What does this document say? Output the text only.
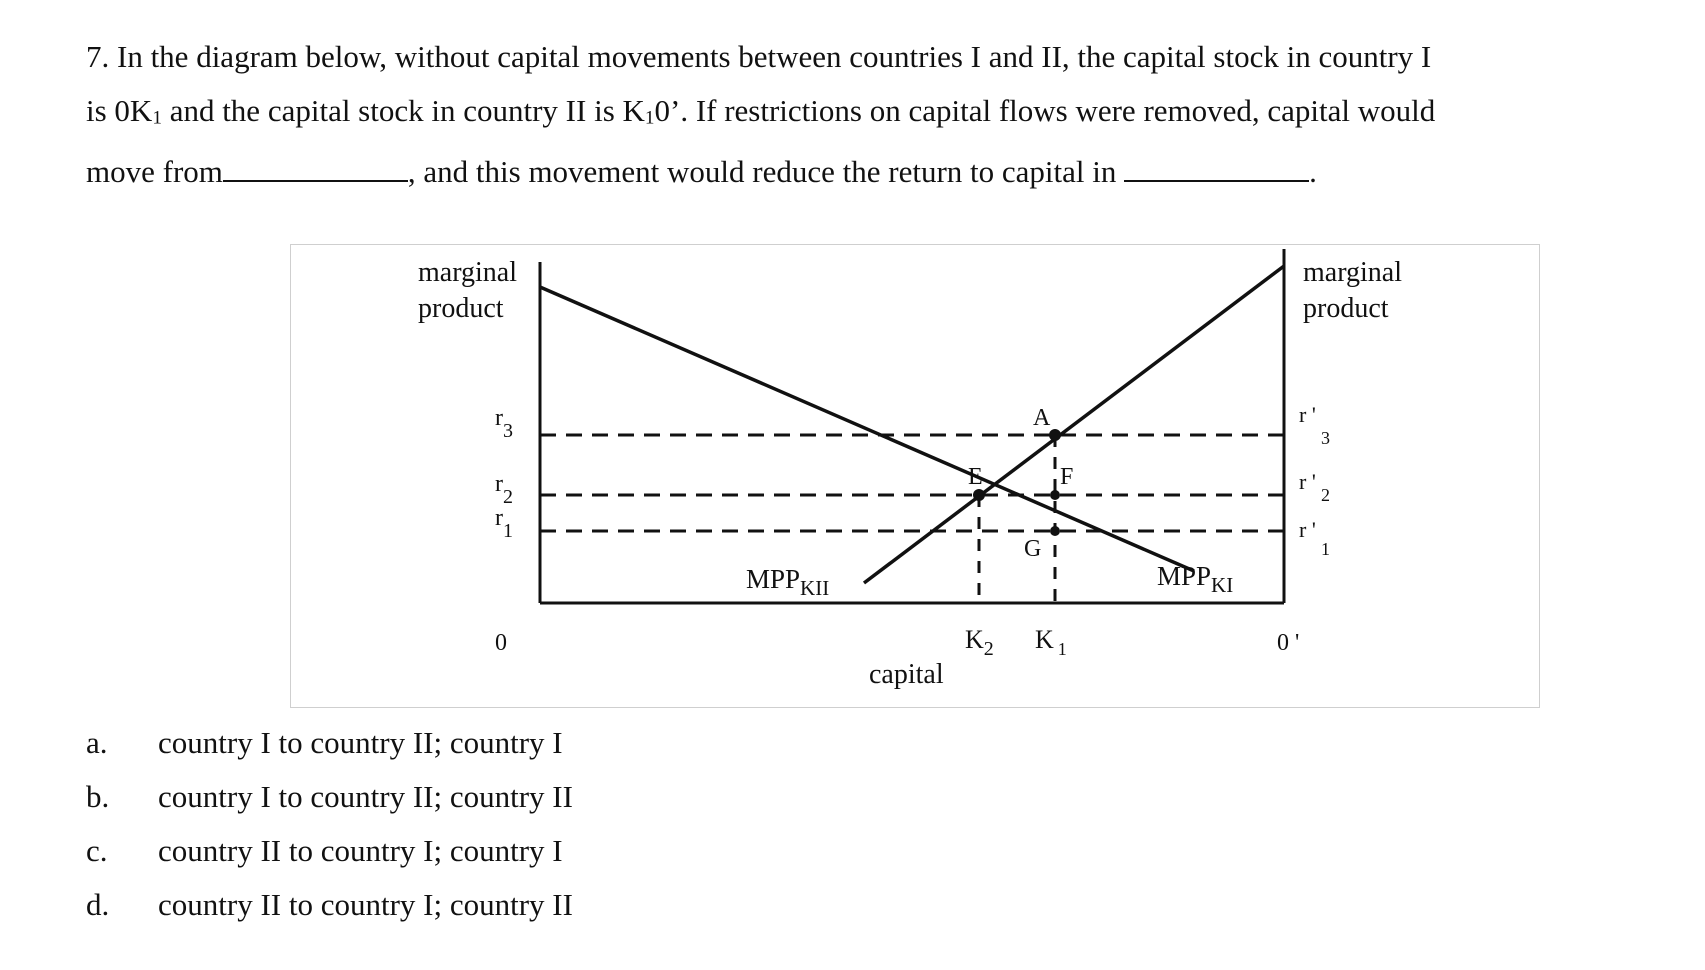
7. In the diagram below, without capital movements between countries I and II, the capital stock in country I
is 0K1 and the capital stock in country II is K10’. If restrictions on capital flows were removed, capital would
move from	, and this movement would reduce the return to capital in	.
marginal
product
marginal
product
$r_3$
$r_2$
$r_1$
r '3
r '2
r '1
A
E	F
G
$MPP_{KII}$	$MPP_{KI}$
0	0 '
$K_2$ K $_1$
capital
a.	country I to country II; country I
b.	country I to country II; country II
c.	country II to country I; country I
d.	country II to country I; country II
